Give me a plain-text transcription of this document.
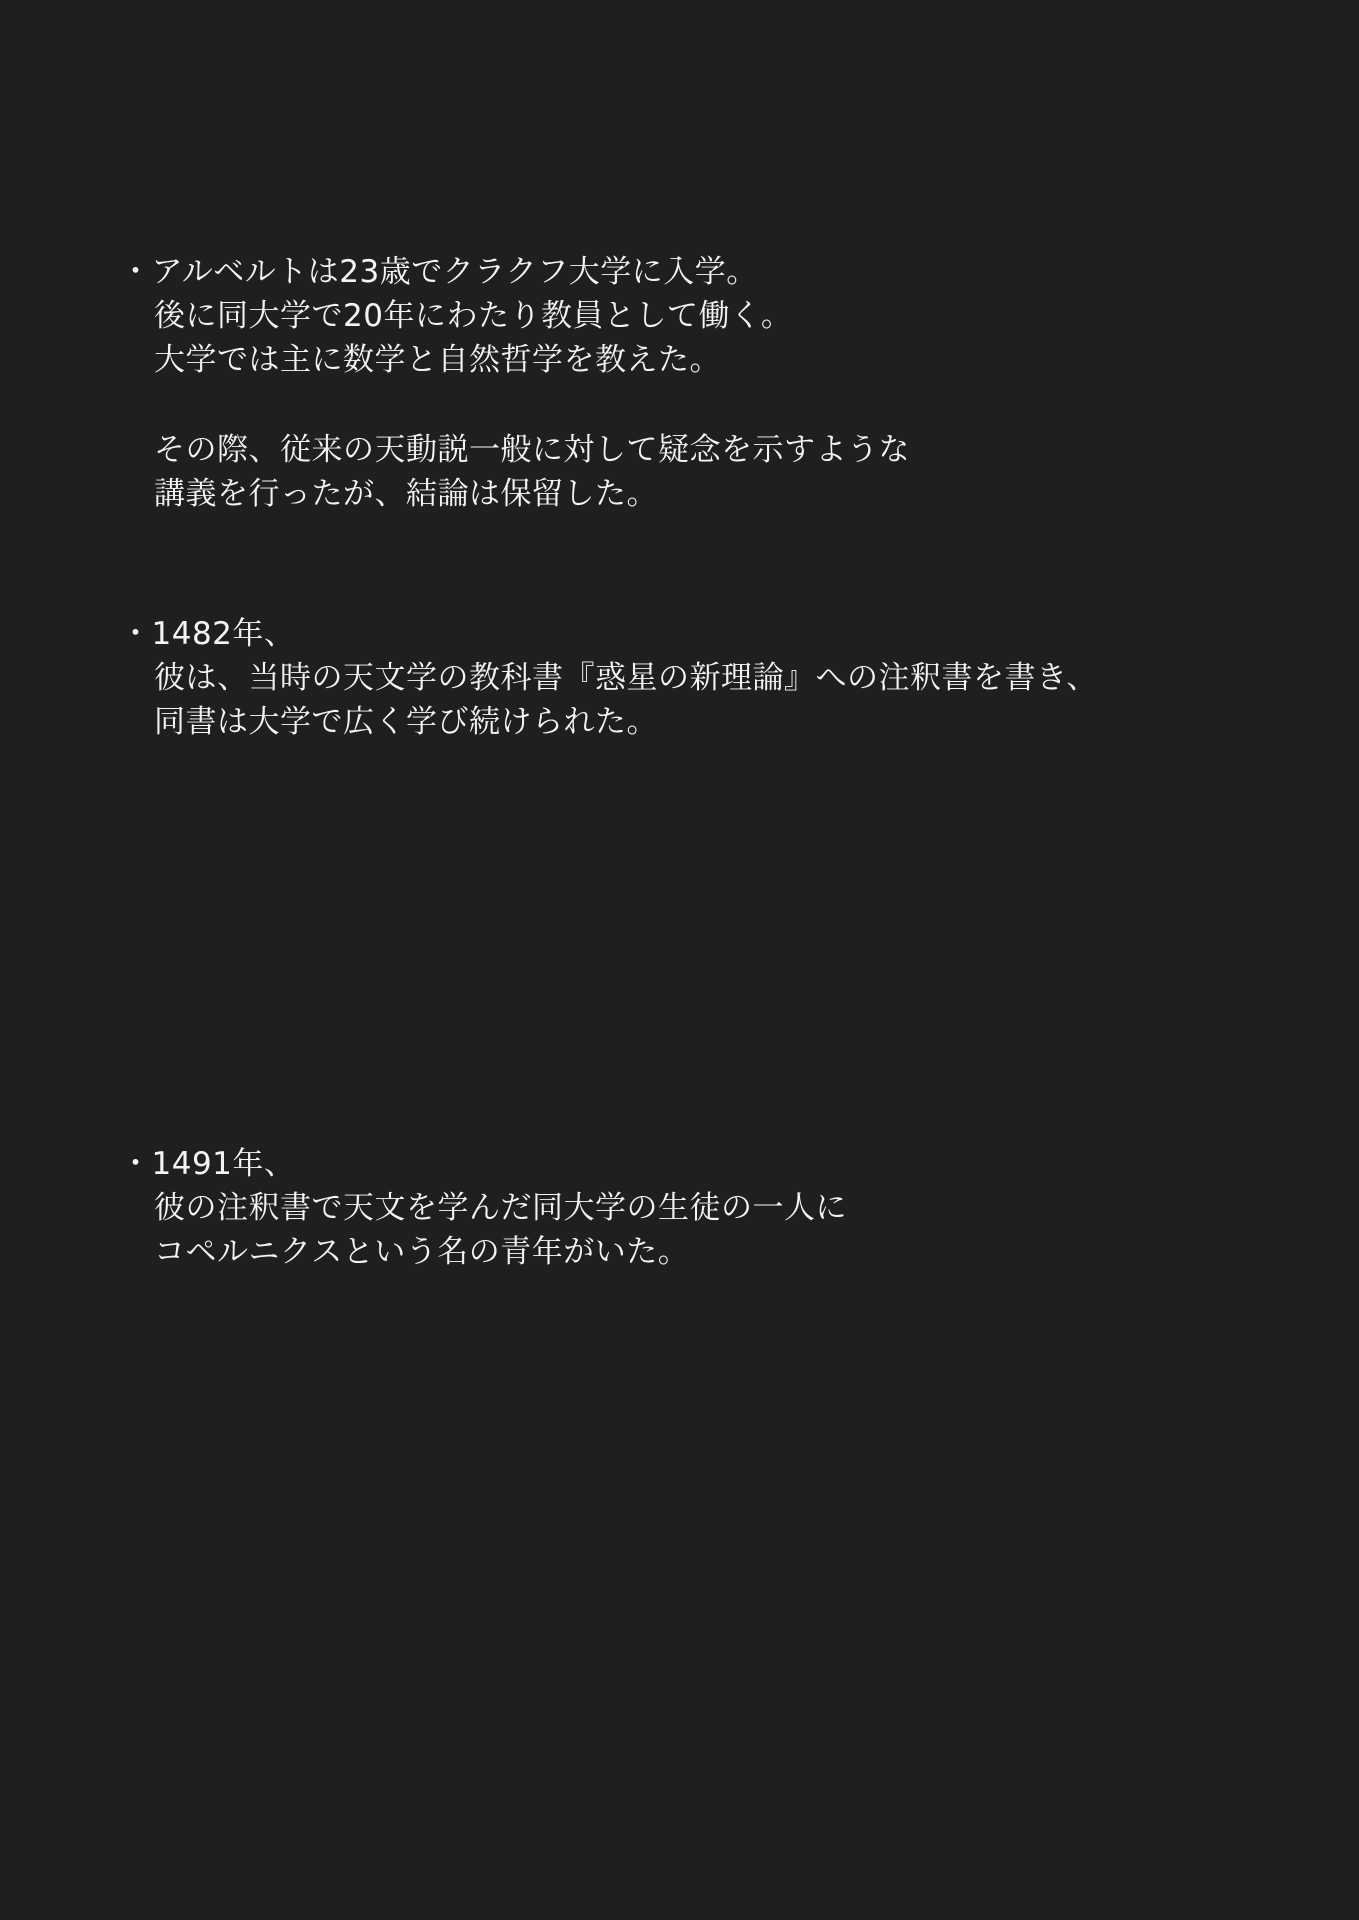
・アルベルトは23歳でクラクフ大学に入学。
後に同大学で20年にわたり教員として働く。
大学では主に数学と自然哲学を教えた。
その際、従来の天動説一般に対して疑念を示すような
講義を行ったが、結論は保留した。
・1482年、
彼は、当時の天文学の教科書『惑星の新理論』への注釈書を書き、
同書は大学で広く学び続けられた。
・1491年、
彼の注釈書で天文を学んだ同大学の生徒の一人に
コペルニクスという名の青年がいた。
